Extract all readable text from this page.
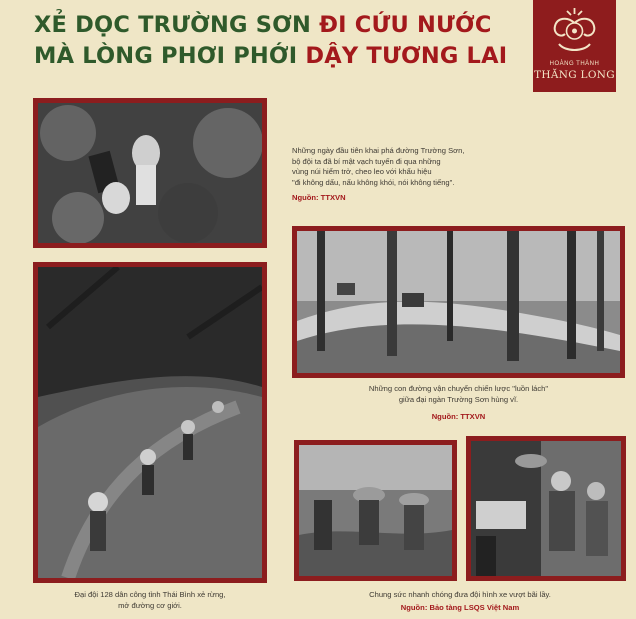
XẺ DỌC TRƯỜNG SƠN ĐI CỨU NƯỚC
MÀ LÒNG PHƠI PHỚI DẬY TƯƠNG LAI	HOÀNG THÀNH
THĂNG LONG
Những ngày đầu tiên khai phá đường Trường Sơn,
bộ đội ta đã bí mật vạch tuyến đi qua những
vùng núi hiểm trở, cheo leo với khẩu hiệu
"đi không dấu, nấu không khói, nói không tiếng".
Nguồn: TTXVN
Những con đường vận chuyển chiến lược "luồn lách"
giữa đại ngàn Trường Sơn hùng vĩ.
Nguồn: TTXVN
Đại đội 128 dân công tỉnh Thái Bình xẻ rừng,
mở đường cơ giới.
Chung sức nhanh chóng đưa đội hình xe vượt bãi lầy.
Nguồn: Bảo tàng LSQS Việt Nam
